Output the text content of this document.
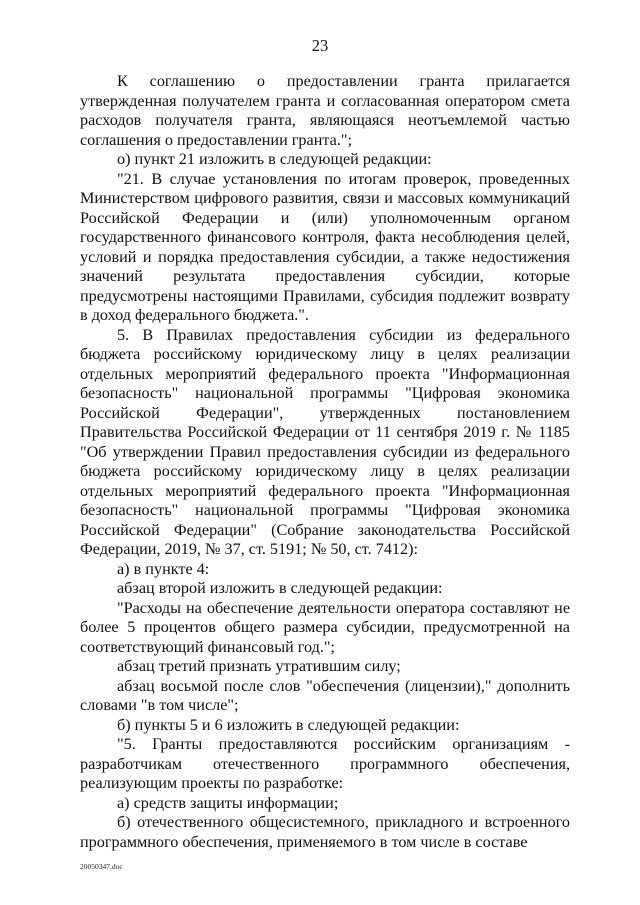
23

К соглашению о предоставлении гранта прилагается утвержденная получателем гранта и согласованная оператором смета расходов получателя гранта, являющаяся неотъемлемой частью соглашения о предоставлении гранта.";

о) пункт 21 изложить в следующей редакции:

"21. В случае установления по итогам проверок, проведенных Министерством цифрового развития, связи и массовых коммуникаций Российской Федерации и (или) уполномоченным органом государственного финансового контроля, факта несоблюдения целей, условий и порядка предоставления субсидии, а также недостижения значений результата предоставления субсидии, которые предусмотрены настоящими Правилами, субсидия подлежит возврату в доход федерального бюджета.".

5. В Правилах предоставления субсидии из федерального бюджета российскому юридическому лицу в целях реализации отдельных мероприятий федерального проекта "Информационная безопасность" национальной программы "Цифровая экономика Российской Федерации", утвержденных постановлением Правительства Российской Федерации от 11 сентября 2019 г. № 1185 "Об утверждении Правил предоставления субсидии из федерального бюджета российскому юридическому лицу в целях реализации отдельных мероприятий федерального проекта "Информационная безопасность" национальной программы "Цифровая экономика Российской Федерации" (Собрание законодательства Российской Федерации, 2019, № 37, ст. 5191; № 50, ст. 7412):

а) в пункте 4:

абзац второй изложить в следующей редакции:

"Расходы на обеспечение деятельности оператора составляют не более 5 процентов общего размера субсидии, предусмотренной на соответствующий финансовый год.";

абзац третий признать утратившим силу;

абзац восьмой после слов "обеспечения (лицензии)," дополнить словами "в том числе";

б) пункты 5 и 6 изложить в следующей редакции:

"5. Гранты предоставляются российским организациям - разработчикам отечественного программного обеспечения, реализующим проекты по разработке:

а) средств защиты информации;

б) отечественного общесистемного, прикладного и встроенного программного обеспечения, применяемого в том числе в составе

20050347.doc
